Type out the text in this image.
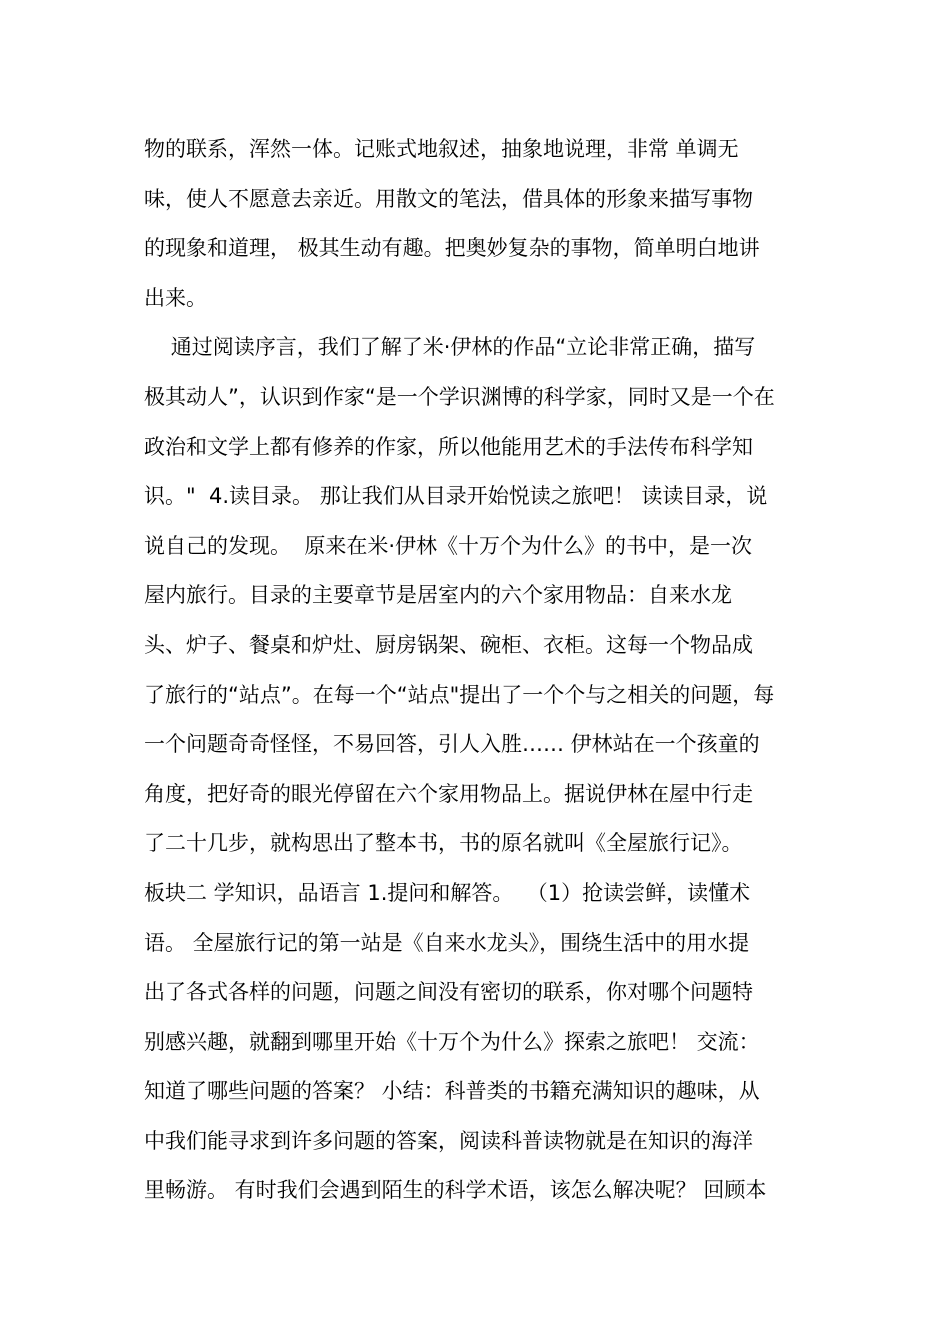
物的联系，浑然一体。记账式地叙述，抽象地说理，非常 单调无
味，使人不愿意去亲近。用散文的笔法，借具体的形象来描写事物
的现象和道理， 极其生动有趣。把奥妙复杂的事物，简单明白地讲
出来。
通过阅读序言，我们了解了米·伊林的作品“立论非常正确，描写
极其动人”，认识到作家“是一个学识渊博的科学家，同时又是一个在
政治和文学上都有修养的作家，所以他能用艺术的手法传布科学知
识。"  4.读目录。 那让我们从目录开始悦读之旅吧！ 读读目录，说
说自己的发现。  原来在米·伊林《十万个为什么》的书中，是一次
屋内旅行。目录的主要章节是居室内的六个家用物品：自来水龙
头、炉子、餐桌和炉灶、厨房锅架、碗柜、衣柜。这每一个物品成
了旅行的“站点”。在每一个“站点"提出了一个个与之相关的问题，每
一个问题奇奇怪怪，不易回答，引人入胜…… 伊林站在一个孩童的
角度，把好奇的眼光停留在六个家用物品上。据说伊林在屋中行走
了二十几步，就构思出了整本书，书的原名就叫《全屋旅行记》。
板块二 学知识，品语言 1.提问和解答。  （1）抢读尝鲜，读懂术
语。 全屋旅行记的第一站是《自来水龙头》，围绕生活中的用水提
出了各式各样的问题，问题之间没有密切的联系，你对哪个问题特
别感兴趣，就翻到哪里开始《十万个为什么》探索之旅吧！ 交流：
知道了哪些问题的答案？ 小结：科普类的书籍充满知识的趣味，从
中我们能寻求到许多问题的答案，阅读科普读物就是在知识的海洋
里畅游。 有时我们会遇到陌生的科学术语，该怎么解决呢？ 回顾本
